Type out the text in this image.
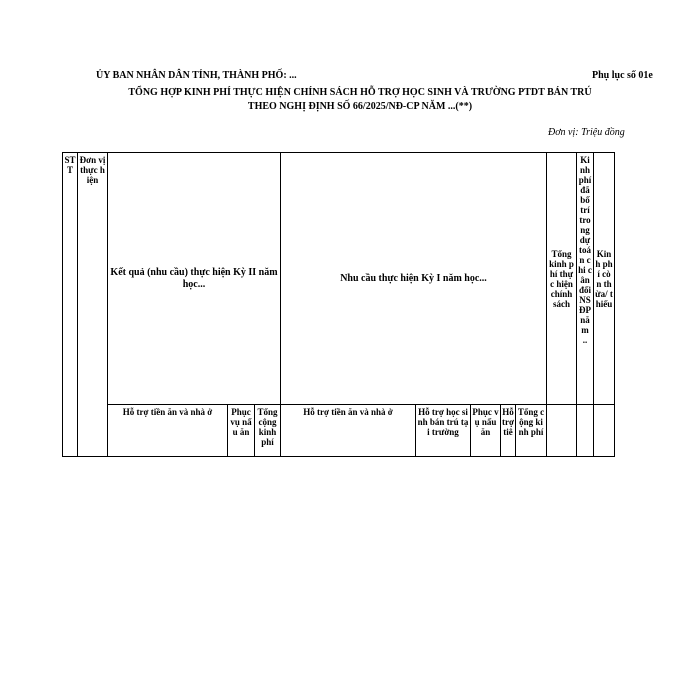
ỦY BAN NHÂN DÂN TỈNH, THÀNH PHỐ: ...	Phụ lục số 01e
TỔNG HỢP KINH PHÍ THỰC HIỆN CHÍNH SÁCH HỖ TRỢ HỌC SINH VÀ TRƯỜNG PTDT BÁN TRÚ
THEO NGHỊ ĐỊNH SỐ 66/2025/NĐ-CP NĂM ...(**)
Đơn vị: Triệu đồng
STT	Đơn vị thực hiện	Kết quả (nhu cầu) thực hiện Kỳ II năm học...			Nhu cầu thực hiện Kỳ I năm học...					Tổng kinh phí thực hiện chính sách	Kinh phí đã bố trí trong dự toán chi cân đối NSĐP năm ..	Kinh phí còn thừa/ thiếu
		Hỗ trợ tiền ăn và nhà ở	Phục vụ nấu ăn	Tổng cộng kinh phí	Hỗ trợ tiền ăn và nhà ở	Hỗ trợ học sinh bán trú tại trường	Phục vụ nấu ăn	Hỗ trợ tiê	Tổng cộng kinh phí			
